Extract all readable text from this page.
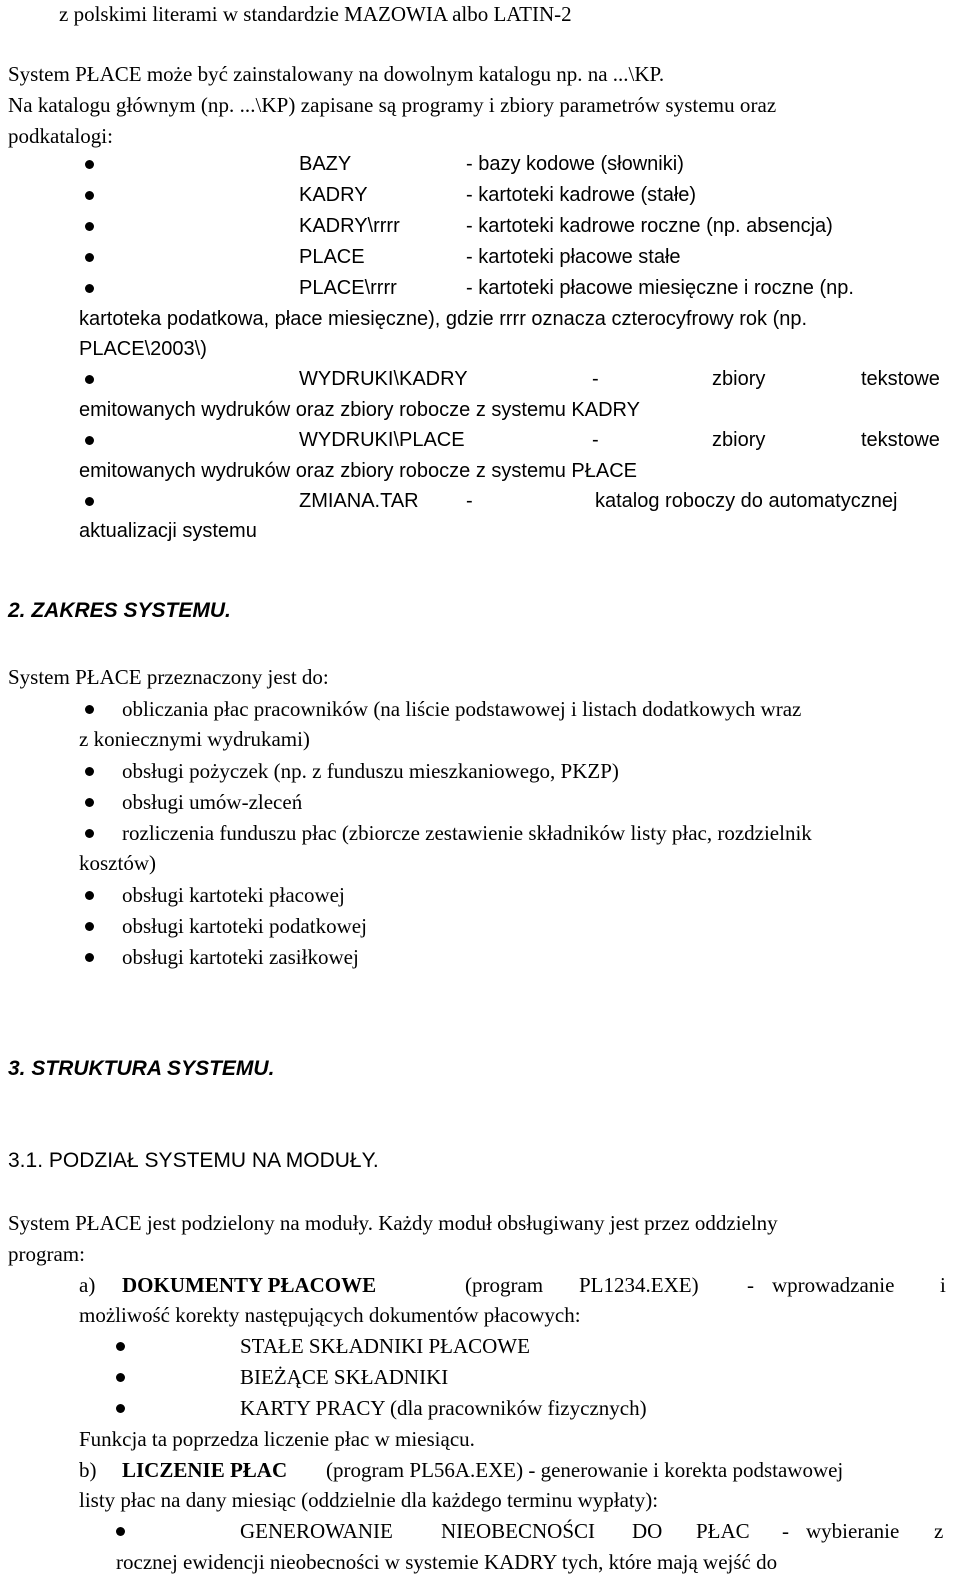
z polskimi literami w standardzie MAZOWIA albo LATIN-2
System PŁACE może być zainstalowany na dowolnym katalogu np. na ...\KP.
Na katalogu głównym (np. ...\KP) zapisane są programy i zbiory parametrów systemu oraz
podkatalogi:
BAZY	- bazy kodowe (słowniki)
KADRY	- kartoteki kadrowe (stałe)
KADRY\rrrr	- kartoteki kadrowe roczne (np. absencja)
PLACE	- kartoteki płacowe stałe
PLACE\rrrr	- kartoteki płacowe miesięczne i roczne (np.
kartoteka podatkowa, płace miesięczne), gdzie rrrr oznacza czterocyfrowy rok (np.
PLACE\2003\)
WYDRUKI\KADRY	-	zbiory	tekstowe
emitowanych wydruków oraz zbiory robocze z systemu KADRY
WYDRUKI\PLACE	-	zbiory	tekstowe
emitowanych wydruków oraz zbiory robocze z systemu PŁACE
ZMIANA.TAR -	katalog roboczy do automatycznej
aktualizacji systemu
2. ZAKRES SYSTEMU.
System PŁACE przeznaczony jest do:
obliczania płac pracowników (na liście podstawowej i listach dodatkowych wraz
z koniecznymi wydrukami)
obsługi pożyczek (np. z funduszu mieszkaniowego, PKZP)
obsługi umów-zleceń
rozliczenia funduszu płac (zbiorcze zestawienie składników listy płac, rozdzielnik
kosztów)
obsługi kartoteki płacowej
obsługi kartoteki podatkowej
obsługi kartoteki zasiłkowej
3. STRUKTURA SYSTEMU.
3.1. PODZIAŁ SYSTEMU NA MODUŁY.
System PŁACE jest podzielony na moduły. Każdy moduł obsługiwany jest przez oddzielny
program:
a) DOKUMENTY PŁACOWE	(program PL1234.EXE) - wprowadzanie i
możliwość korekty następujących dokumentów płacowych:
STAŁE SKŁADNIKI PŁACOWE
BIEŻĄCE SKŁADNIKI
KARTY PRACY (dla pracowników fizycznych)
Funkcja ta poprzedza liczenie płac w miesiącu.
b) LICZENIE PŁAC (program PL56A.EXE) - generowanie i korekta podstawowej
listy płac na dany miesiąc (oddzielnie dla każdego terminu wypłaty):
GENEROWANIE NIEOBECNOŚCI DO PŁAC - wybieranie z
rocznej ewidencji nieobecności w systemie KADRY tych, które mają wejść do
